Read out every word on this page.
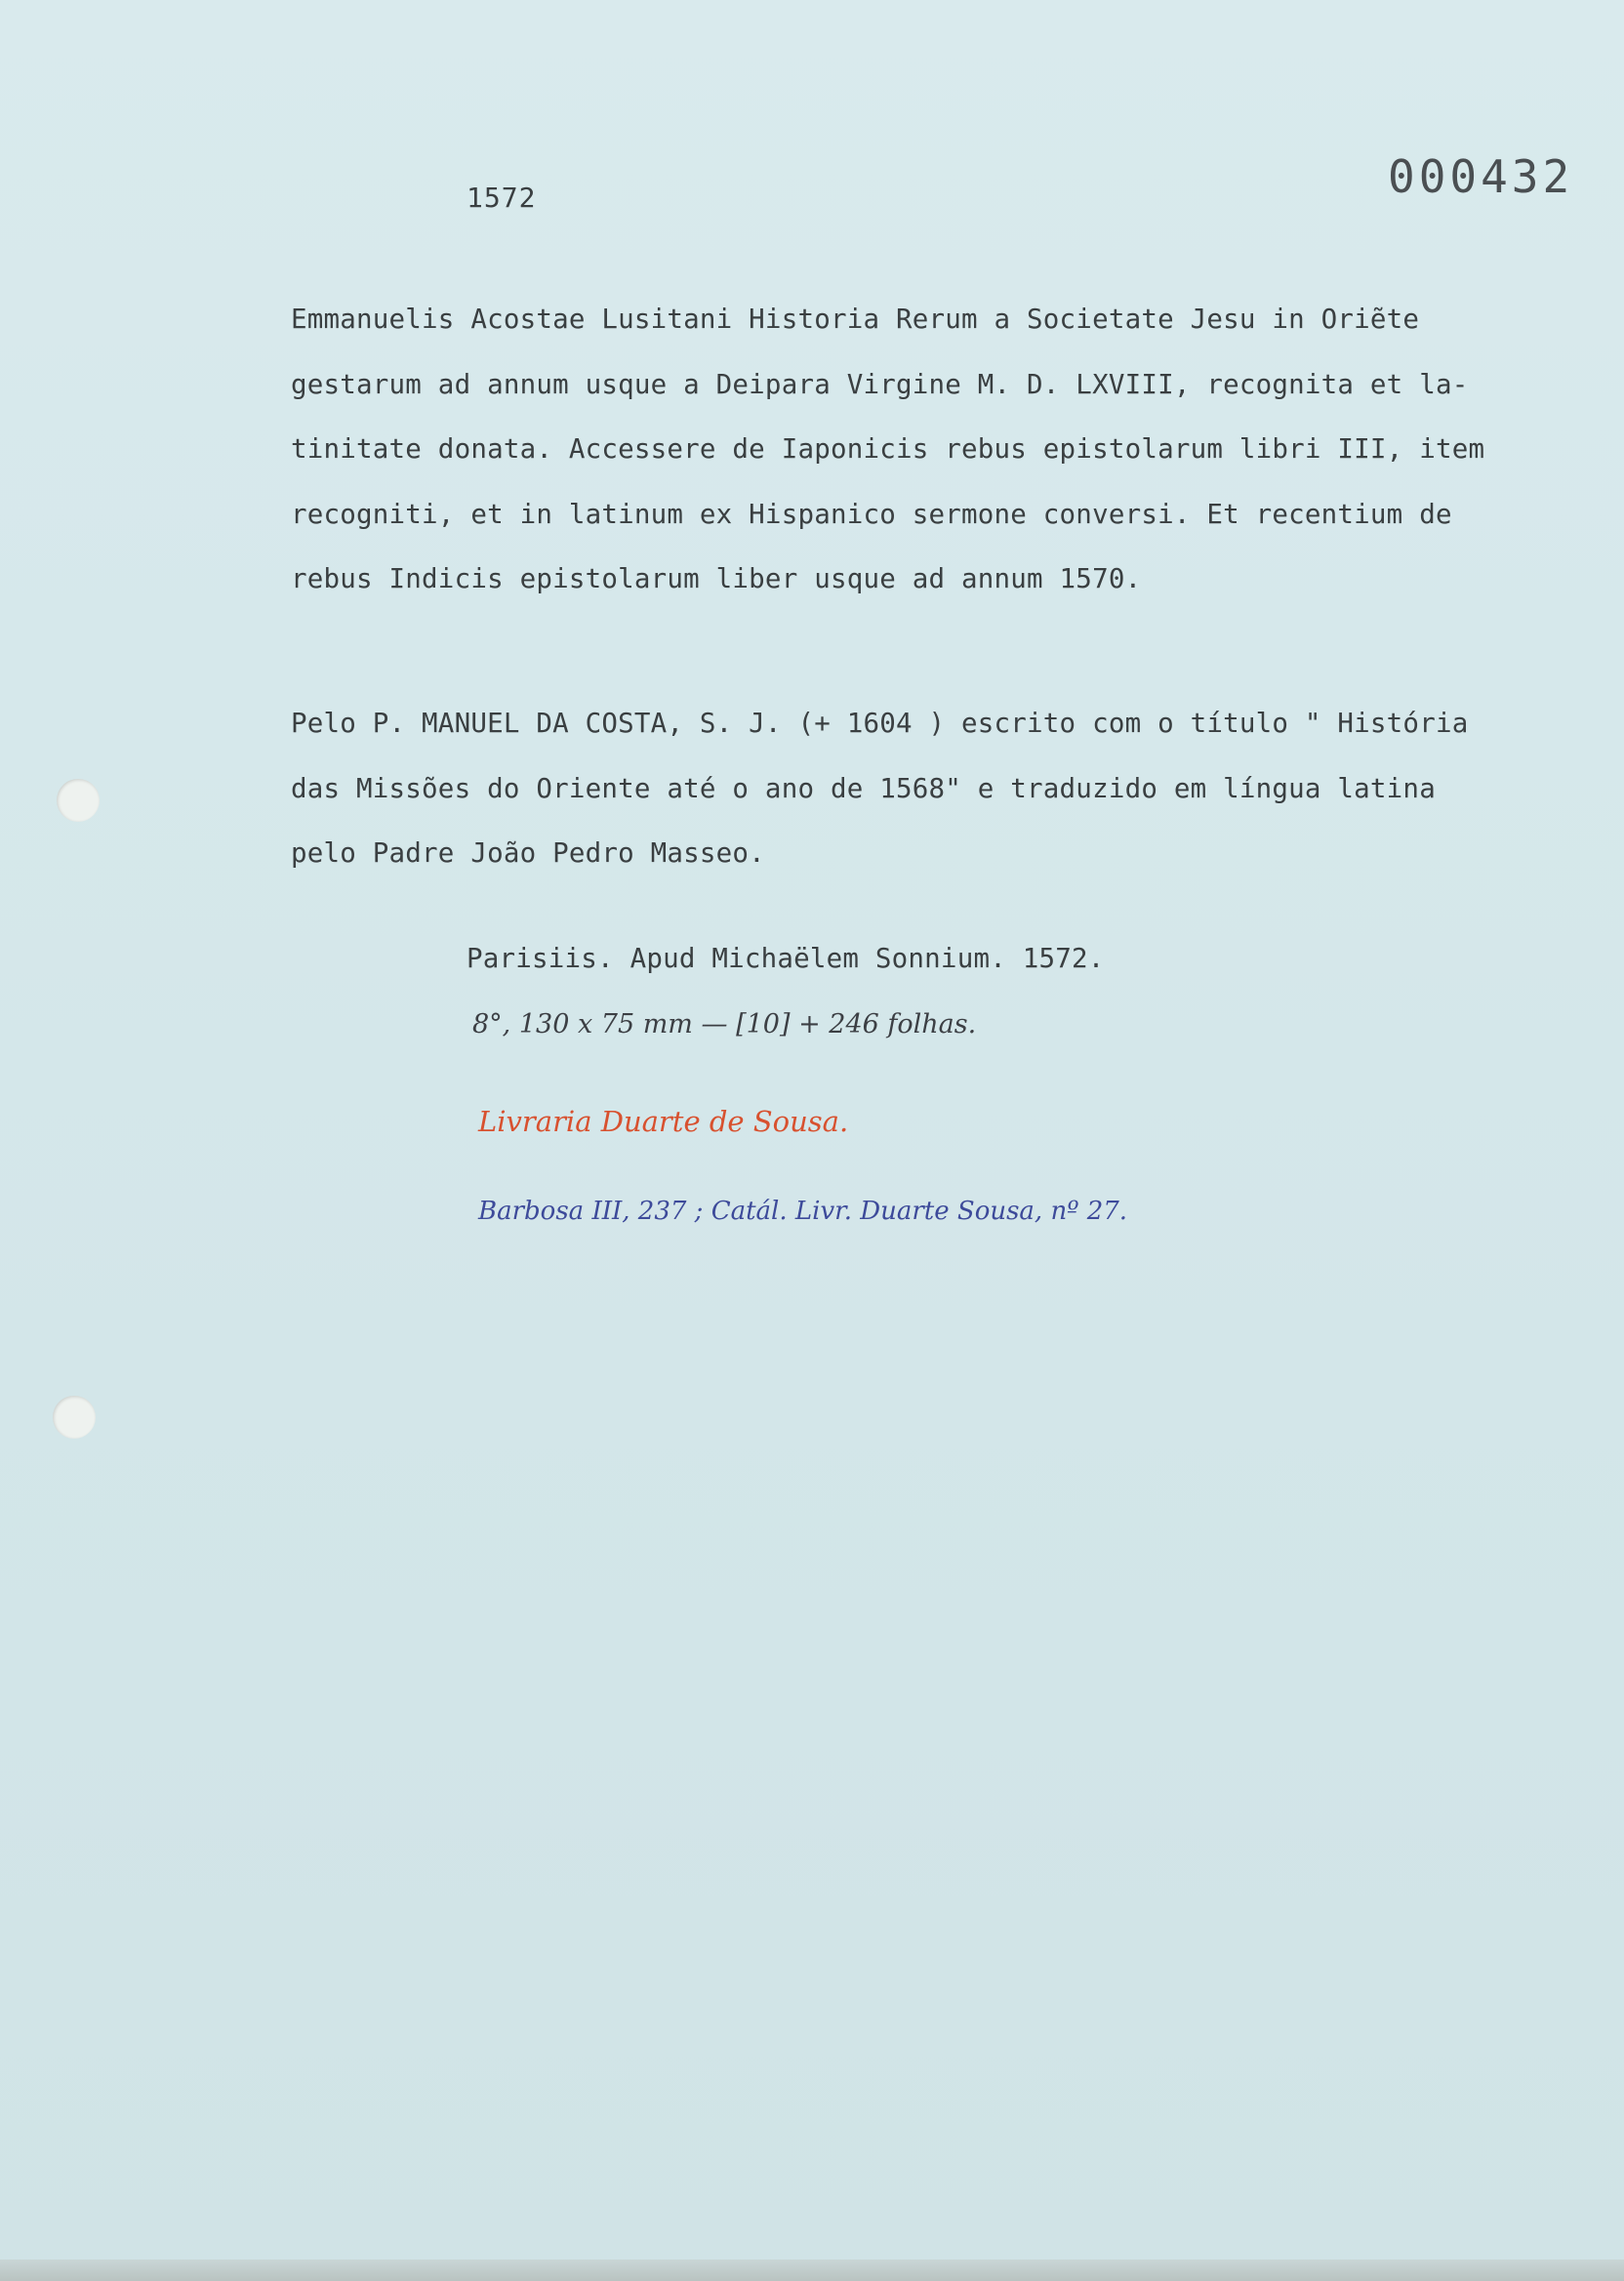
1572	000432
Emmanuelis Acostae Lusitani Historia Rerum a Societate Jesu in Oriẽte
gestarum ad annum usque a Deipara Virgine M. D. LXVIII, recognita et la-
tinitate donata. Accessere de Iaponicis rebus epistolarum libri III, item
recogniti, et in latinum ex Hispanico sermone conversi. Et recentium de
rebus Indicis epistolarum liber usque ad annum 1570.
Pelo P. MANUEL DA COSTA, S. J. (+ 1604 ) escrito com o título " História
das Missões do Oriente até o ano de 1568" e traduzido em língua latina
pelo Padre João Pedro Masseo.
Parisiis. Apud Michaëlem Sonnium. 1572.
8°, 130 x 75 mm — [10] + 246 folhas.
Livraria Duarte de Sousa.
Barbosa III, 237 ; Catál. Livr. Duarte Sousa, nº 27.
